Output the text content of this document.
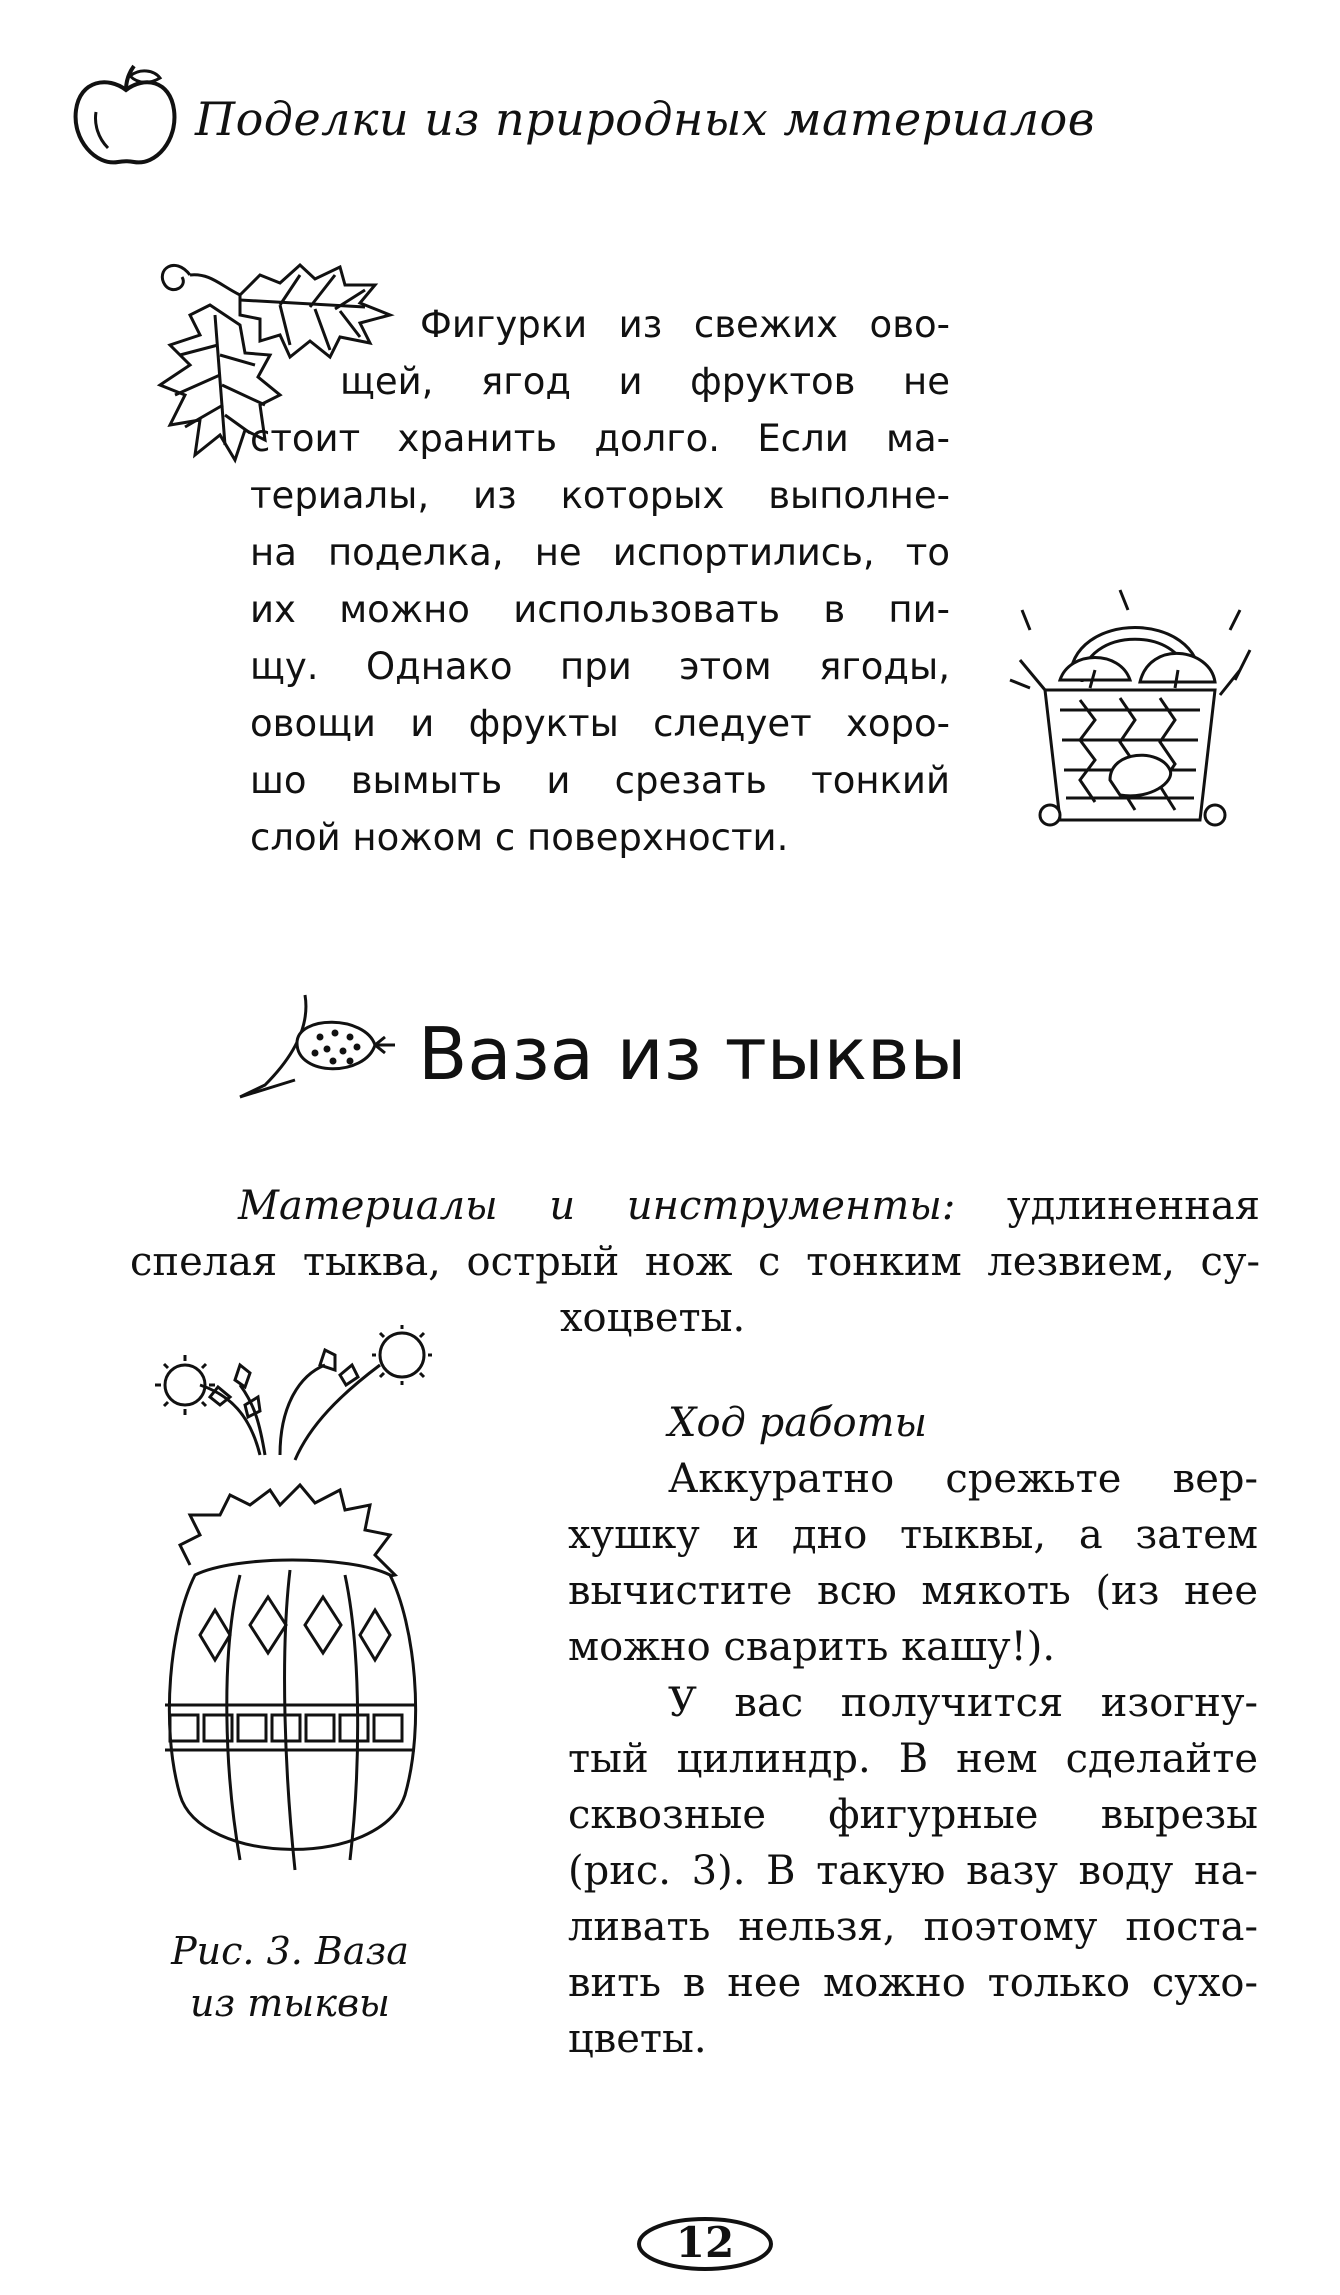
Поделки из природных материалов
Фигурки из свежих ово-
щей, ягод и фруктов не
стоит хранить долго. Если ма-
териалы, из которых выполне-
на поделка, не испортились, то
их можно использовать в пи-
щу. Однако при этом ягоды,
овощи и фрукты следует хоро-
шо вымыть и срезать тонкий
слой ножом с поверхности.
Ваза из тыквы
Материалы и инструменты: удлиненная
спелая тыква, острый нож с тонким лезвием, су-
хоцветы.
Ход работы
Аккуратно срежьте вер-
хушку и дно тыквы, а затем
вычистите всю мякоть (из нее
можно сварить кашу!).
У вас получится изогну-
тый цилиндр. В нем сделайте
сквозные фигурные вырезы
(рис. 3). В такую вазу воду на-
ливать нельзя, поэтому поста-
вить в нее можно только сухо-
цветы.
Рис. 3. Ваза
из тыквы
12
